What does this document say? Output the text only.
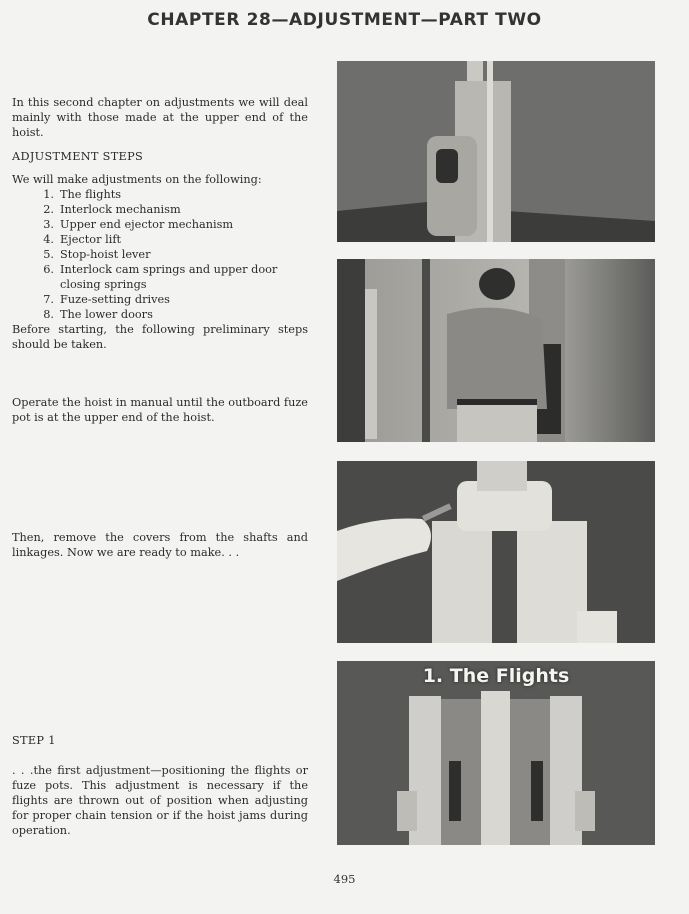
CHAPTER 28—ADJUSTMENT—PART TWO

In this second chapter on adjustments we will deal mainly with those made at the upper end of the hoist.

ADJUSTMENT STEPS
We will make adjustments on the following:
1. The flights
2. Interlock mechanism
3. Upper end ejector mechanism
4. Ejector lift
5. Stop-hoist lever
6. Interlock cam springs and upper door closing springs
7. Fuze-setting drives
8. The lower doors
Before starting, the following preliminary steps should be taken.

Operate the hoist in manual until the outboard fuze pot is at the upper end of the hoist.

Then, remove the covers from the shafts and linkages. Now we are ready to make. . .

STEP 1

. . .the first adjustment—positioning the flights or fuze pots. This adjustment is necessary if the flights are thrown out of position when adjusting for proper chain tension or if the hoist jams during operation.

1. The Flights
495
